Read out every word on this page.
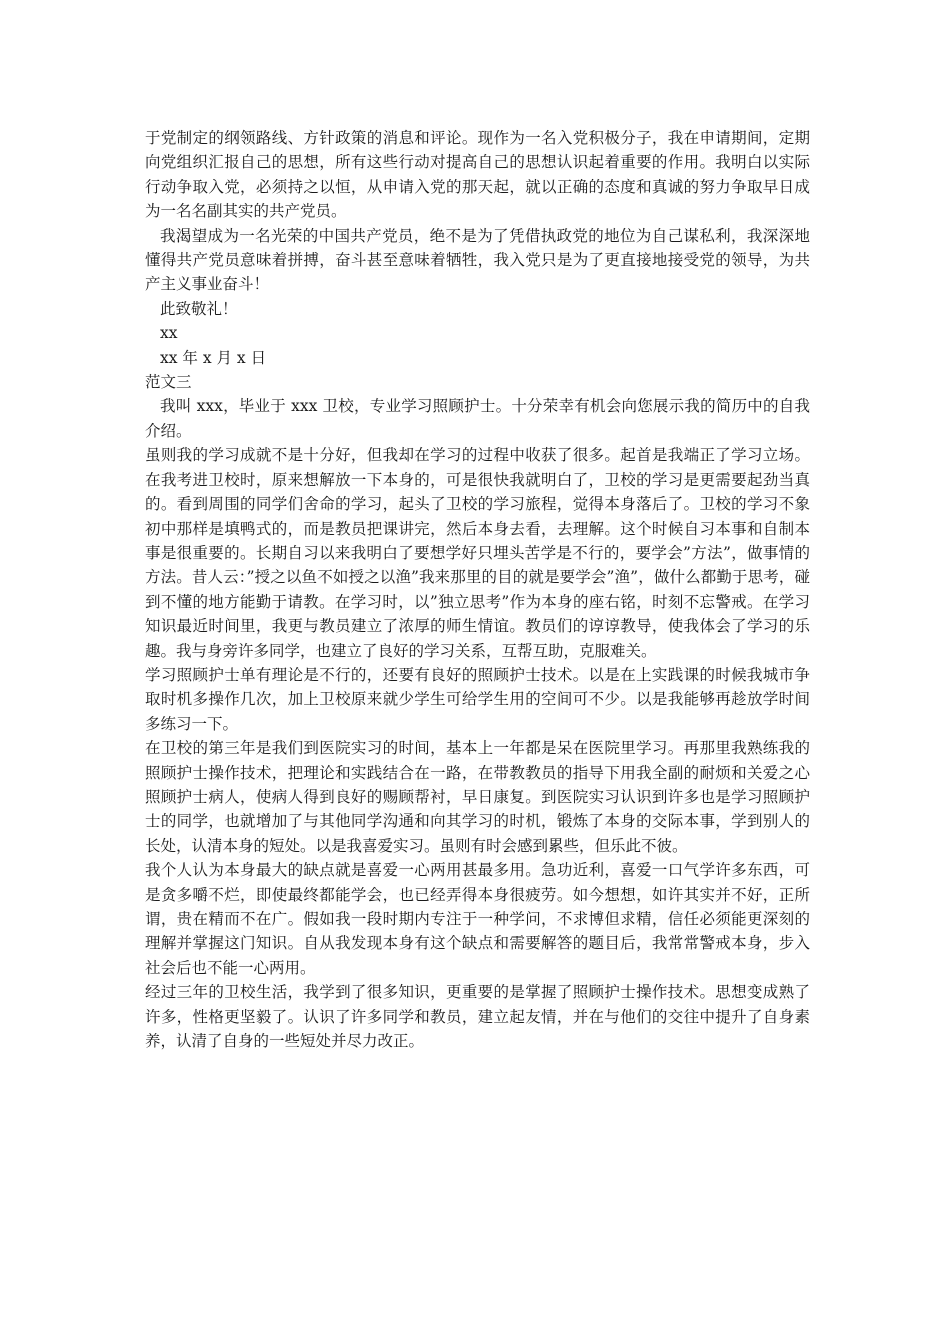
于党制定的纲领路线、方针政策的消息和评论。现作为一名入党积极分子，我在申请期间，定期向党组织汇报自己的思想，所有这些行动对提高自己的思想认识起着重要的作用。我明白以实际行动争取入党，必须持之以恒，从申请入党的那天起，就以正确的态度和真诚的努力争取早日成为一名名副其实的共产党员。

我渴望成为一名光荣的中国共产党员，绝不是为了凭借执政党的地位为自己谋私利，我深深地懂得共产党员意味着拼搏，奋斗甚至意味着牺牲，我入党只是为了更直接地接受党的领导，为共产主义事业奋斗！

此致敬礼！

xx

xx 年 x 月 x 日

范文三

我叫 xxx，毕业于 xxx 卫校，专业学习照顾护士。十分荣幸有机会向您展示我的简历中的自我介绍。

虽则我的学习成就不是十分好，但我却在学习的过程中收获了很多。起首是我端正了学习立场。在我考进卫校时，原来想解放一下本身的，可是很快我就明白了，卫校的学习是更需要起劲当真的。看到周围的同学们舍命的学习，起头了卫校的学习旅程，觉得本身落后了。卫校的学习不象初中那样是填鸭式的，而是教员把课讲完，然后本身去看，去理解。这个时候自习本事和自制本事是很重要的。长期自习以来我明白了要想学好只埋头苦学是不行的，要学会”方法”，做事情的方法。昔人云：”授之以鱼不如授之以渔”我来那里的目的就是要学会”渔”，做什么都勤于思考，碰到不懂的地方能勤于请教。在学习时，以”独立思考”作为本身的座右铭，时刻不忘警戒。在学习知识最近时间里，我更与教员建立了浓厚的师生情谊。教员们的谆谆教导，使我体会了学习的乐趣。我与身旁许多同学，也建立了良好的学习关系，互帮互助，克服难关。

学习照顾护士单有理论是不行的，还要有良好的照顾护士技术。以是在上实践课的时候我城市争取时机多操作几次，加上卫校原来就少学生可给学生用的空间可不少。以是我能够再趁放学时间多练习一下。

在卫校的第三年是我们到医院实习的时间，基本上一年都是呆在医院里学习。再那里我熟练我的照顾护士操作技术，把理论和实践结合在一路，在带教教员的指导下用我全副的耐烦和关爱之心照顾护士病人，使病人得到良好的赐顾帮衬，早日康复。到医院实习认识到许多也是学习照顾护士的同学，也就增加了与其他同学沟通和向其学习的时机，锻炼了本身的交际本事，学到别人的长处，认清本身的短处。以是我喜爱实习。虽则有时会感到累些，但乐此不彼。

我个人认为本身最大的缺点就是喜爱一心两用甚最多用。急功近利，喜爱一口气学许多东西，可是贪多嚼不烂，即使最终都能学会，也已经弄得本身很疲劳。如今想想，如许其实并不好，正所谓，贵在精而不在广。假如我一段时期内专注于一种学问，不求博但求精，信任必须能更深刻的理解并掌握这门知识。自从我发现本身有这个缺点和需要解答的题目后，我常常警戒本身，步入社会后也不能一心两用。

经过三年的卫校生活，我学到了很多知识，更重要的是掌握了照顾护士操作技术。思想变成熟了许多，性格更坚毅了。认识了许多同学和教员，建立起友情，并在与他们的交往中提升了自身素养，认清了自身的一些短处并尽力改正。
